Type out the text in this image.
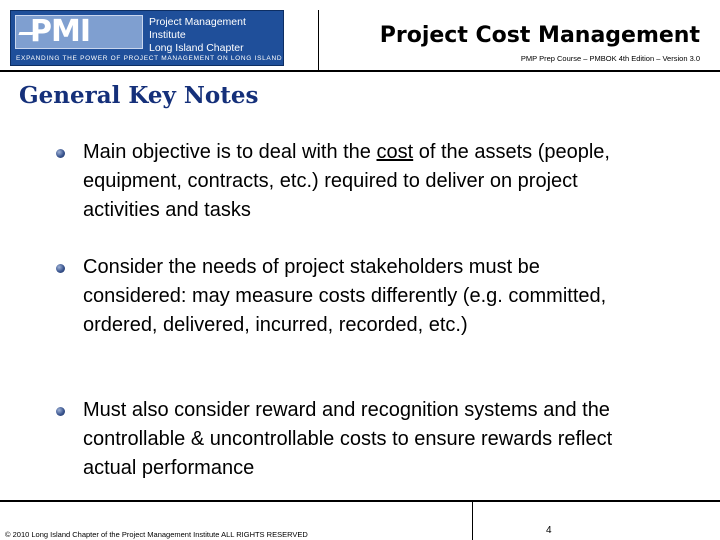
PMI	Project Management Institute
Long Island Chapter
EXPANDING THE POWER OF PROJECT MANAGEMENT ON LONG ISLAND
Project Cost Management
PMP Prep Course – PMBOK 4th Edition – Version 3.0
General Key Notes
Main objective is to deal with the cost of the assets (people, equipment, contracts, etc.) required to deliver on project activities and tasks
Consider the needs of project stakeholders must be considered: may measure costs differently (e.g. committed, ordered, delivered, incurred, recorded, etc.)
Must also consider reward and recognition systems and the controllable & uncontrollable costs to ensure rewards reflect actual performance
© 2010 Long Island Chapter of the Project Management Institute ALL RIGHTS RESERVED	4
